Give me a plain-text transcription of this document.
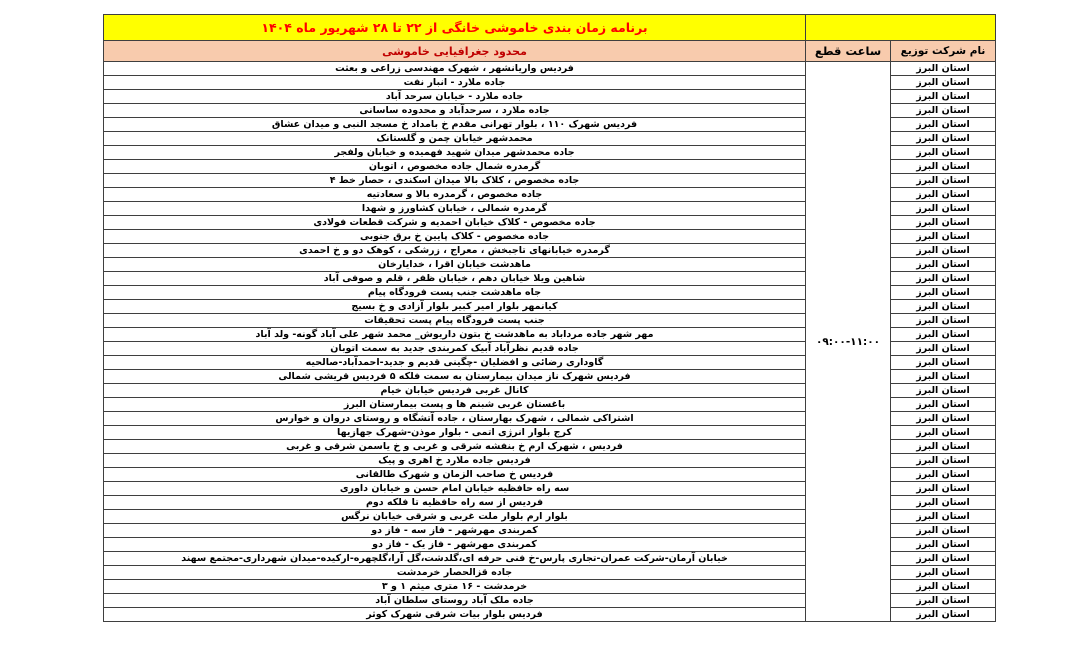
		برنامه زمان بندی خاموشی خانگی از ۲۲ تا ۲۸ شهریور ماه ۱۴۰۴
نام شرکت توزیع	ساعت قطع	محدود جغرافیایی خاموشی
استان البرز	۰۹:۰۰-۱۱:۰۰	فردیس واریانشهر ، شهرک مهندسی زراعی و بعثت
استان البرز		جاده ملارد - انبار نفت
استان البرز		جاده ملارد - خیابان سرحد آباد
استان البرز		جاده ملارد ، سرحدآباد و محدوده ساسانی
استان البرز		فردیس شهرک ۱۱۰ ، بلوار تهرانی مقدم خ بامداد خ مسجد النبی و میدان عشاق
استان البرز		محمدشهر خیابان چمن و گلستانک
استان البرز		جاده محمدشهر میدان شهید فهمیده و خیابان ولفجر
استان البرز		گرمدره شمال جاده مخصوص ، اتوبان
استان البرز		جاده مخصوص ، کلاک بالا میدان اسکندی ، حصار خط ۴
استان البرز		جاده مخصوص ، گرمدره بالا و سعادتیه
استان البرز		گرمدره شمالی ، خیابان کشاورز و شهدا
استان البرز		جاده مخصوص - کلاک خیابان احمدیه و شرکت قطعات فولادی
استان البرز		جاده مخصوص - کلاک پایین خ برق جنوبی
استان البرز		گرمدره خیابانهای تاجبخش ، معراج ، زرشکی ، کوهک دو و خ احمدی
استان البرز		ماهدشت خیابان اقرا ، خدایارخان
استان البرز		شاهین ویلا خیابان دهم ، خیابان ظفر ، قلم و صوفی آباد
استان البرز		جاه ماهدشت جنب پست فرودگاه پیام
استان البرز		کیانمهر بلوار امیر کبیر بلوار آزادی و خ بسیج
استان البرز		جنب پست فرودگاه پیام پست تحقیقات
استان البرز		مهر شهر جاده مرداباد به ماهدشت خ بتون داریوش_ محمد شهر علی آباد گونه- ولد آباد
استان البرز		جاده قدیم نظرآباد آبیک کمربندی جدید به سمت اتوبان
استان البرز		گاوداری رضائی و افضلیان -چگینی قدیم و جدید-احمدآباد-صالحیه
استان البرز		فردیس شهرک ناز میدان بیمارستان به سمت فلکه ۵ فردیس قریشی شمالی
استان البرز		کانال غربی فردیس خیابان خیام
استان البرز		باغستان غربی شبنم ها و پست بیمارستان البرز
استان البرز		اشتراکی شمالی ، شهرک بهارستان ، جاده آتشگاه و روستای دروان و خوارس
استان البرز		کرج بلوار انرژی اتمی - بلوار موذن-شهرک جهازیها
استان البرز		فردیس ، شهرک ارم خ بنفشه شرقی و غربی و خ یاسمن شرقی و غربی
استان البرز		فردیس جاده ملارد خ اهری و پیک
استان البرز		فردیس خ صاحب الزمان و شهرک طالقانی
استان البرز		سه راه حافظیه خیابان امام حسن و خیابان داوری
استان البرز		فردیس از سه راه حافظیه تا فلکه دوم
استان البرز		بلوار ارم بلوار ملت غربی و شرقی خیابان نرگس
استان البرز		کمربندی مهرشهر - فاز سه - فاز دو
استان البرز		کمربندی مهرشهر - فاز یک - فاز دو
استان البرز		خیابان آرمان-شرکت عمران-تجاری پارس-خ فنی حرفه ای،گلدشت،گل آرا،گلچهره-ارکیده-میدان شهرداری-مجتمع سهند
استان البرز		جاده قزالحصار خرمدشت
استان البرز		خرمدشت - ۱۶ متری میثم ۱ و ۳
استان البرز		جاده ملک آباد روستای سلطان آباد
استان البرز		فردیس بلوار بیات شرقی شهرک کوثر
